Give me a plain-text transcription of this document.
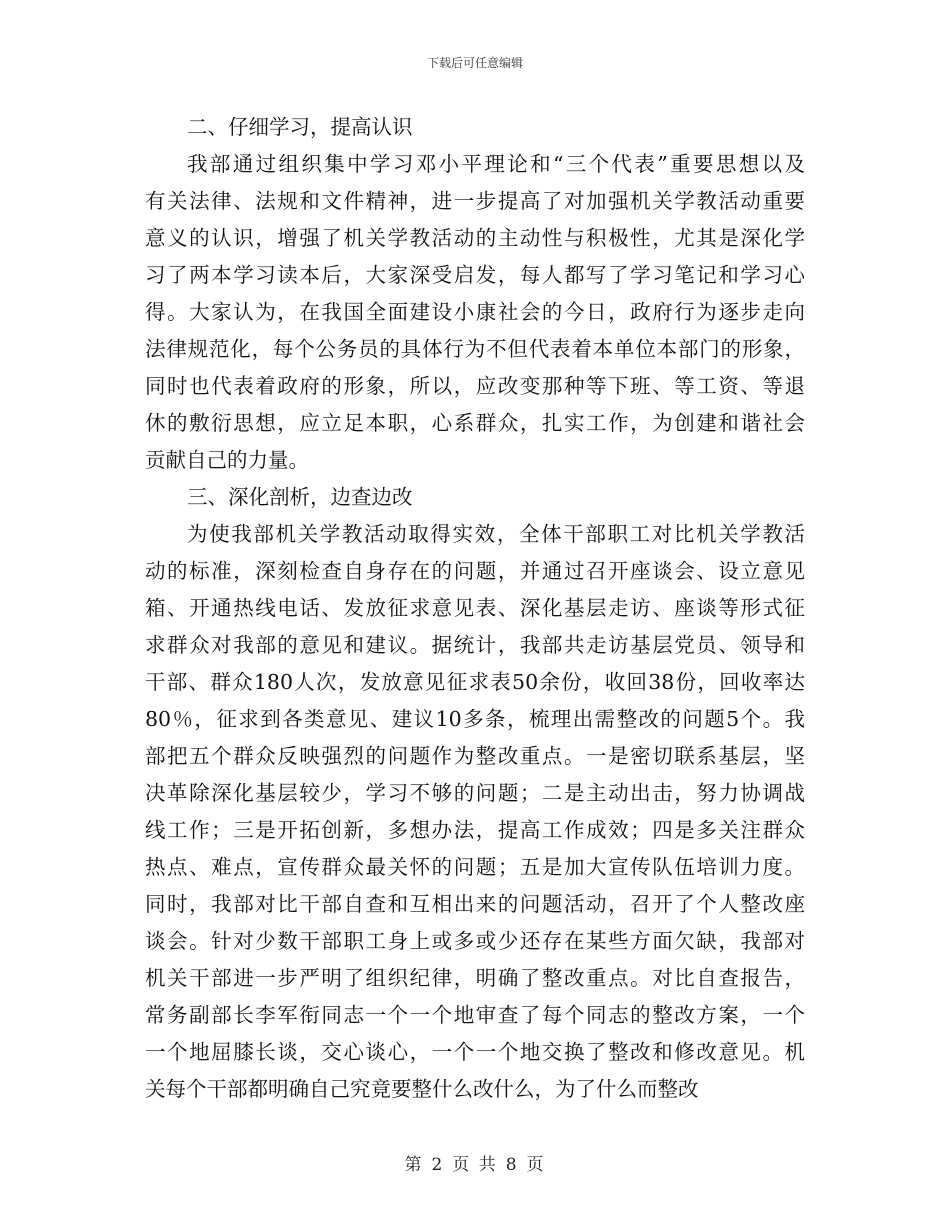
下载后可任意编辑
二、仔细学习，提高认识
我部通过组织集中学习邓小平理论和“三个代表”重要思想以及
有关法律、法规和文件精神，进一步提高了对加强机关学教活动重要
意义的认识，增强了机关学教活动的主动性与积极性，尤其是深化学
习了两本学习读本后，大家深受启发，每人都写了学习笔记和学习心
得。大家认为，在我国全面建设小康社会的今日，政府行为逐步走向
法律规范化，每个公务员的具体行为不但代表着本单位本部门的形象，
同时也代表着政府的形象，所以，应改变那种等下班、等工资、等退
休的敷衍思想，应立足本职，心系群众，扎实工作，为创建和谐社会
贡献自己的力量。
三、深化剖析，边查边改
为使我部机关学教活动取得实效，全体干部职工对比机关学教活
动的标准，深刻检查自身存在的问题，并通过召开座谈会、设立意见
箱、开通热线电话、发放征求意见表、深化基层走访、座谈等形式征
求群众对我部的意见和建议。据统计，我部共走访基层党员、领导和
干部、群众180人次，发放意见征求表50余份，收回38份，回收率达
80％，征求到各类意见、建议10多条，梳理出需整改的问题5个。我
部把五个群众反映强烈的问题作为整改重点。一是密切联系基层，坚
决革除深化基层较少，学习不够的问题；二是主动出击，努力协调战
线工作；三是开拓创新，多想办法，提高工作成效；四是多关注群众
热点、难点，宣传群众最关怀的问题；五是加大宣传队伍培训力度。
同时，我部对比干部自查和互相出来的问题活动，召开了个人整改座
谈会。针对少数干部职工身上或多或少还存在某些方面欠缺，我部对
机关干部进一步严明了组织纪律，明确了整改重点。对比自查报告，
常务副部长李军衔同志一个一个地审查了每个同志的整改方案，一个
一个地屈膝长谈，交心谈心，一个一个地交换了整改和修改意见。机
关每个干部都明确自己究竟要整什么改什么，为了什么而整改
第 2 页 共 8 页
